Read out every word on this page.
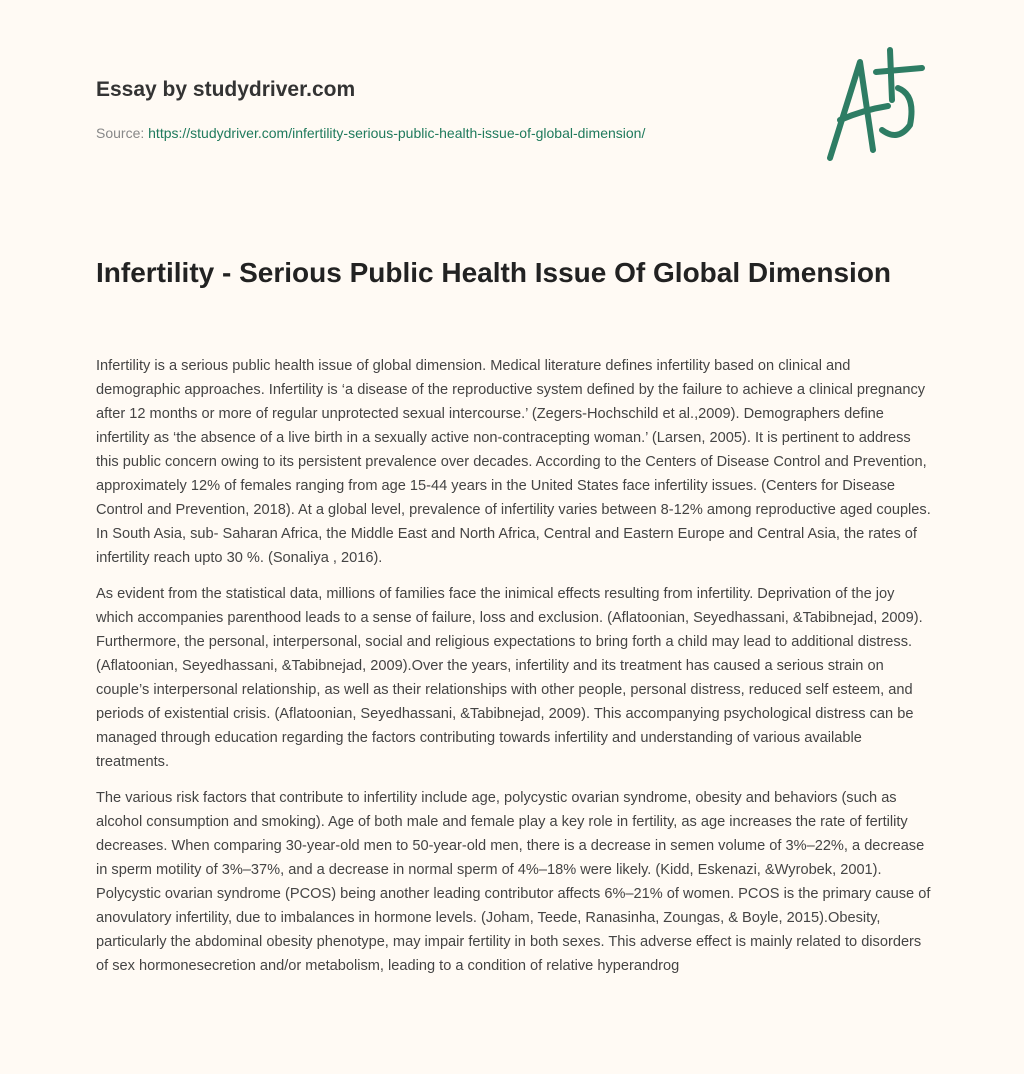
Essay by studydriver.com
Source: https://studydriver.com/infertility-serious-public-health-issue-of-global-dimension/
Infertility - Serious Public Health Issue Of Global Dimension

Infertility is a serious public health issue of global dimension. Medical literature defines infertility based on clinical and demographic approaches. Infertility is ‘a disease of the reproductive system defined by the failure to achieve a clinical pregnancy after 12 months or more of regular unprotected sexual intercourse.’ (Zegers-Hochschild et al.,2009). Demographers define infertility as ‘the absence of a live birth in a sexually active non-contracepting woman.’ (Larsen, 2005). It is pertinent to address this public concern owing to its persistent prevalence over decades. According to the Centers of Disease Control and Prevention, approximately 12% of females ranging from age 15-44 years in the United States face infertility issues. (Centers for Disease Control and Prevention, 2018). At a global level, prevalence of infertility varies between 8-12% among reproductive aged couples. In South Asia, sub- Saharan Africa, the Middle East and North Africa, Central and Eastern Europe and Central Asia, the rates of infertility reach upto 30 %. (Sonaliya , 2016).

As evident from the statistical data, millions of families face the inimical effects resulting from infertility. Deprivation of the joy which accompanies parenthood leads to a sense of failure, loss and exclusion. (Aflatoonian, Seyedhassani, &Tabibnejad, 2009). Furthermore, the personal, interpersonal, social and religious expectations to bring forth a child may lead to additional distress. (Aflatoonian, Seyedhassani, &Tabibnejad, 2009).Over the years, infertility and its treatment has caused a serious strain on couple’s interpersonal relationship, as well as their relationships with other people, personal distress, reduced self esteem, and periods of existential crisis. (Aflatoonian, Seyedhassani, &Tabibnejad, 2009). This accompanying psychological distress can be managed through education regarding the factors contributing towards infertility and understanding of various available treatments.

The various risk factors that contribute to infertility include age, polycystic ovarian syndrome, obesity and behaviors (such as alcohol consumption and smoking). Age of both male and female play a key role in fertility, as age increases the rate of fertility decreases. When comparing 30-year-old men to 50-year-old men, there is a decrease in semen volume of 3%–22%, a decrease in sperm motility of 3%–37%, and a decrease in normal sperm of 4%–18% were likely. (Kidd, Eskenazi, &Wyrobek, 2001). Polycystic ovarian syndrome (PCOS) being another leading contributor affects 6%–21% of women. PCOS is the primary cause of anovulatory infertility, due to imbalances in hormone levels. (Joham, Teede, Ranasinha, Zoungas, & Boyle, 2015).Obesity, particularly the abdominal obesity phenotype, may impair fertility in both sexes. This adverse effect is mainly related to disorders of sex hormonesecretion and/or metabolism, leading to a condition of relative hyperandrog
